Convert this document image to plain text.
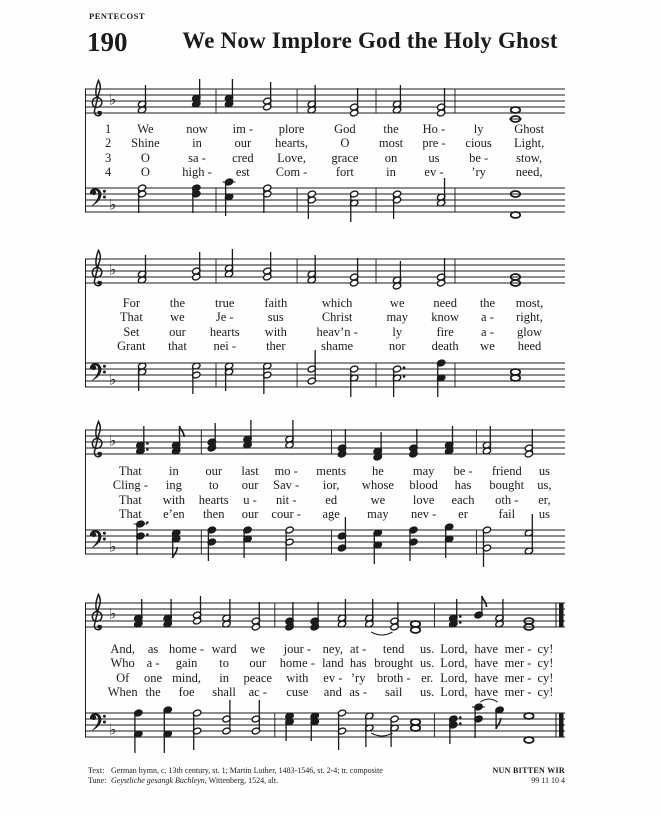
PENTECOST
190	We Now Implore God the Holy Ghost
♭
1	We	now	im -	plore	God	the	Ho -	ly	Ghost
2	Shine	in	our	hearts,	O	most	pre -	cious	Light,
3	O	sa -	cred	Love,	grace	on	us	be -	stow,
4	O	high -	est	Com -	fort	in	ev -	’ry	need,
♭
♭
For	the	true	faith	which	we	need	the	most,
That	we	Je -	sus	Christ	may	know	a -	right,
Set	our	hearts	with	heav’n -	ly	fire	a -	glow
Grant	that	nei -	ther	shame	nor	death	we	heed
♭
♭
That	in	our	last	mo -	ments	he	may	be -	friend	us
Cling -	ing	to	our	Sav -	ior,	whose	blood	has	bought	us,
That	with	hearts	u -	nit -	ed	we	love	each	oth -	er,
That	e’en	then	our	cour -	age	may	nev -	er	fail	us
♭
♭
And,	as	home -	ward	we	jour -	ney,	at -	tend	us.	Lord,	have	mer -	cy!
Who	a -	gain	to	our	home -	land	has	brought	us.	Lord,	have	mer -	cy!
Of	one	mind,	in	peace	with	ev -	’ry	broth -	er.	Lord,	have	mer -	cy!
When	the	foe	shall	ac -	cuse	and	as -	sail	us.	Lord,	have	mer -	cy!
♭
Text: German hymn, c. 13th century, st. 1; Martin Luther, 1483-1546, st. 2-4; tr. composite
Tune: Geystliche gesangk Buchleyn, Wittenberg, 1524, alt.
NUN BITTEN WIR
99 11 10 4
